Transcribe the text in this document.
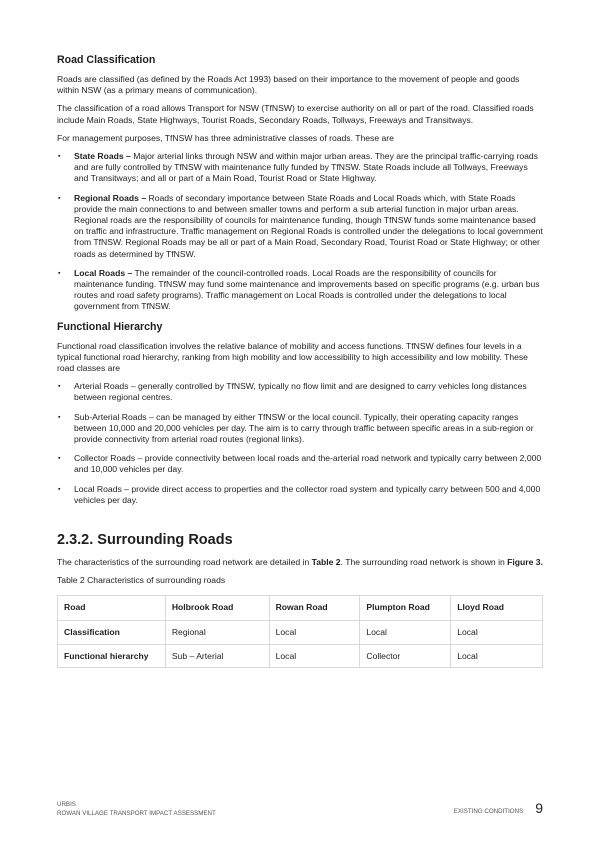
Road Classification

Roads are classified (as defined by the Roads Act 1993) based on their importance to the movement of people and goods within NSW (as a primary means of communication).

The classification of a road allows Transport for NSW (TfNSW) to exercise authority on all or part of the road. Classified roads include Main Roads, State Highways, Tourist Roads, Secondary Roads, Tollways, Freeways and Transitways.

For management purposes, TfNSW has three administrative classes of roads. These are

▪ State Roads – Major arterial links through NSW and within major urban areas. They are the principal traffic-carrying roads and are fully controlled by TfNSW with maintenance fully funded by TfNSW. State Roads include all Tollways, Freeways and Transitways; and all or part of a Main Road, Tourist Road or State Highway.
▪ Regional Roads – Roads of secondary importance between State Roads and Local Roads which, with State Roads provide the main connections to and between smaller towns and perform a sub arterial function in major urban areas. Regional roads are the responsibility of councils for maintenance funding, though TfNSW funds some maintenance based on traffic and infrastructure. Traffic management on Regional Roads is controlled under the delegations to local government from TfNSW. Regional Roads may be all or part of a Main Road, Secondary Road, Tourist Road or State Highway; or other roads as determined by TfNSW.
▪ Local Roads – The remainder of the council-controlled roads. Local Roads are the responsibility of councils for maintenance funding. TfNSW may fund some maintenance and improvements based on specific programs (e.g. urban bus routes and road safety programs). Traffic management on Local Roads is controlled under the delegations to local government from TfNSW.
Functional Hierarchy

Functional road classification involves the relative balance of mobility and access functions. TfNSW defines four levels in a typical functional road hierarchy, ranking from high mobility and low accessibility to high accessibility and low mobility. These road classes are

▪ Arterial Roads – generally controlled by TfNSW, typically no flow limit and are designed to carry vehicles long distances between regional centres.
▪ Sub-Arterial Roads – can be managed by either TfNSW or the local council. Typically, their operating capacity ranges between 10,000 and 20,000 vehicles per day. The aim is to carry through traffic between specific areas in a sub-region or provide connectivity from arterial road routes (regional links).
▪ Collector Roads – provide connectivity between local roads and the-arterial road network and typically carry between 2,000 and 10,000 vehicles per day.
▪ Local Roads – provide direct access to properties and the collector road system and typically carry between 500 and 4,000 vehicles per day.
2.3.2. Surrounding Roads

The characteristics of the surrounding road network are detailed in Table 2. The surrounding road network is shown in Figure 3.

Table 2 Characteristics of surrounding roads

Road	Holbrook Road	Rowan Road	Plumpton Road	Lloyd Road
Classification	Regional	Local	Local	Local
Functional hierarchy	Sub – Arterial	Local	Collector	Local
URBIS
ROWAN VILLAGE TRANSPORT IMPACT ASSESSMENT	EXISTING CONDITIONS 9
